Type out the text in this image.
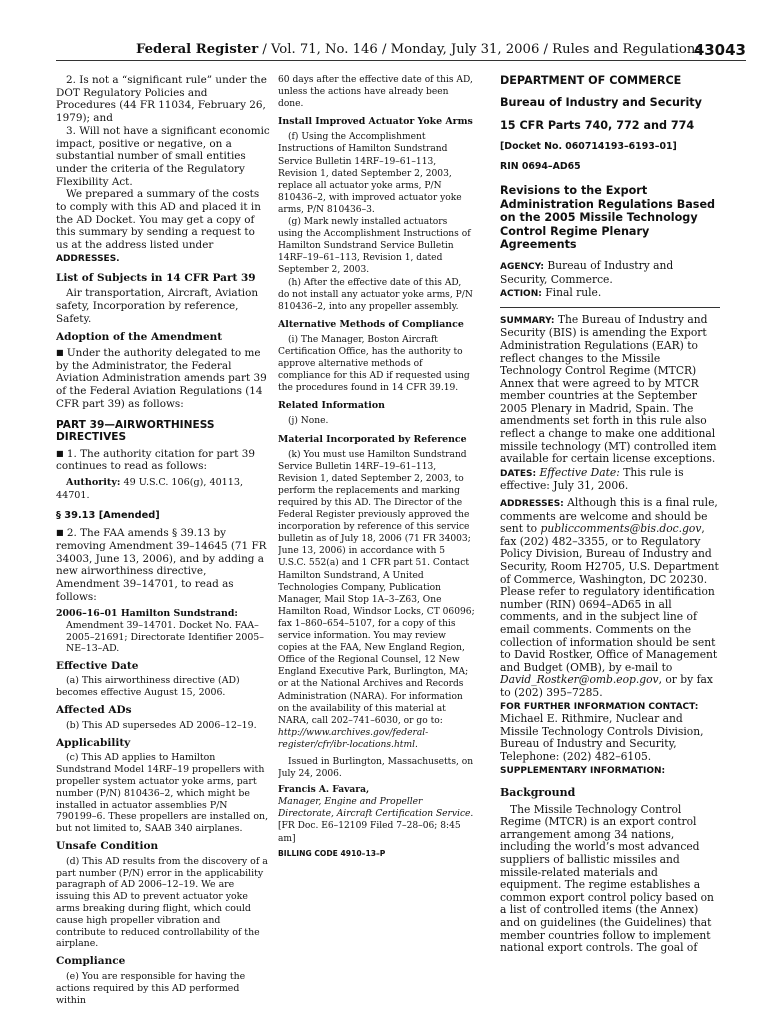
Federal Register / Vol. 71, No. 146 / Monday, July 31, 2006 / Rules and Regulations
43043

2. Is not a “significant rule” under the DOT Regulatory Policies and Procedures (44 FR 11034, February 26, 1979); and

3. Will not have a significant economic impact, positive or negative, on a substantial number of small entities under the criteria of the Regulatory Flexibility Act.

We prepared a summary of the costs to comply with this AD and placed it in the AD Docket. You may get a copy of this summary by sending a request to us at the address listed under ADDRESSES.

List of Subjects in 14 CFR Part 39

Air transportation, Aircraft, Aviation safety, Incorporation by reference, Safety.

Adoption of the Amendment

■ Under the authority delegated to me by the Administrator, the Federal Aviation Administration amends part 39 of the Federal Aviation Regulations (14 CFR part 39) as follows:

PART 39—AIRWORTHINESS DIRECTIVES

■ 1. The authority citation for part 39 continues to read as follows:

Authority: 49 U.S.C. 106(g), 40113, 44701.

§ 39.13 [Amended]

■ 2. The FAA amends § 39.13 by removing Amendment 39–14645 (71 FR 34003, June 13, 2006), and by adding a new airworthiness directive, Amendment 39–14701, to read as follows:

2006–16–01 Hamilton Sundstrand: Amendment 39–14701. Docket No. FAA–2005–21691; Directorate Identifier 2005–NE–13–AD.

Effective Date

(a) This airworthiness directive (AD) becomes effective August 15, 2006.

Affected ADs

(b) This AD supersedes AD 2006–12–19.

Applicability

(c) This AD applies to Hamilton Sundstrand Model 14RF–19 propellers with propeller system actuator yoke arms, part number (P/N) 810436–2, which might be installed in actuator assemblies P/N 790199–6. These propellers are installed on, but not limited to, SAAB 340 airplanes.

Unsafe Condition

(d) This AD results from the discovery of a part number (P/N) error in the applicability paragraph of AD 2006–12–19. We are issuing this AD to prevent actuator yoke arms breaking during flight, which could cause high propeller vibration and contribute to reduced controllability of the airplane.

Compliance

(e) You are responsible for having the actions required by this AD performed within

60 days after the effective date of this AD, unless the actions have already been done.

Install Improved Actuator Yoke Arms

(f) Using the Accomplishment Instructions of Hamilton Sundstrand Service Bulletin 14RF–19–61–113, Revision 1, dated September 2, 2003, replace all actuator yoke arms, P/N 810436–2, with improved actuator yoke arms, P/N 810436–3.

(g) Mark newly installed actuators using the Accomplishment Instructions of Hamilton Sundstrand Service Bulletin 14RF–19–61–113, Revision 1, dated September 2, 2003.

(h) After the effective date of this AD, do not install any actuator yoke arms, P/N 810436–2, into any propeller assembly.

Alternative Methods of Compliance

(i) The Manager, Boston Aircraft Certification Office, has the authority to approve alternative methods of compliance for this AD if requested using the procedures found in 14 CFR 39.19.

Related Information

(j) None.

Material Incorporated by Reference

(k) You must use Hamilton Sundstrand Service Bulletin 14RF–19–61–113, Revision 1, dated September 2, 2003, to perform the replacements and marking required by this AD. The Director of the Federal Register previously approved the incorporation by reference of this service bulletin as of July 18, 2006 (71 FR 34003; June 13, 2006) in accordance with 5 U.S.C. 552(a) and 1 CFR part 51. Contact Hamilton Sundstrand, A United Technologies Company, Publication Manager, Mail Stop 1A–3–Z63, One Hamilton Road, Windsor Locks, CT 06096; fax 1–860–654–5107, for a copy of this service information. You may review copies at the FAA, New England Region, Office of the Regional Counsel, 12 New England Executive Park, Burlington, MA; or at the National Archives and Records Administration (NARA). For information on the availability of this material at NARA, call 202–741–6030, or go to: http://www.archives.gov/federal-register/cfr/ibr-locations.html.

Issued in Burlington, Massachusetts, on July 24, 2006.

Francis A. Favara,

Manager, Engine and Propeller Directorate, Aircraft Certification Service.

[FR Doc. E6–12109 Filed 7–28–06; 8:45 am]

BILLING CODE 4910–13–P

DEPARTMENT OF COMMERCE

Bureau of Industry and Security

15 CFR Parts 740, 772 and 774

[Docket No. 060714193–6193–01]

RIN 0694–AD65

Revisions to the Export Administration Regulations Based on the 2005 Missile Technology Control Regime Plenary Agreements

AGENCY: Bureau of Industry and Security, Commerce.

ACTION: Final rule.

SUMMARY: The Bureau of Industry and Security (BIS) is amending the Export Administration Regulations (EAR) to reflect changes to the Missile Technology Control Regime (MTCR) Annex that were agreed to by MTCR member countries at the September 2005 Plenary in Madrid, Spain. The amendments set forth in this rule also reflect a change to make one additional missile technology (MT) controlled item available for certain license exceptions.

DATES: Effective Date: This rule is effective: July 31, 2006.

ADDRESSES: Although this is a final rule, comments are welcome and should be sent to publiccomments@bis.doc.gov, fax (202) 482–3355, or to Regulatory Policy Division, Bureau of Industry and Security, Room H2705, U.S. Department of Commerce, Washington, DC 20230. Please refer to regulatory identification number (RIN) 0694–AD65 in all comments, and in the subject line of email comments. Comments on the collection of information should be sent to David Rostker, Office of Management and Budget (OMB), by e-mail to David_Rostker@omb.eop.gov, or by fax to (202) 395–7285.

FOR FURTHER INFORMATION CONTACT:

Michael E. Rithmire, Nuclear and Missile Technology Controls Division, Bureau of Industry and Security, Telephone: (202) 482–6105.

SUPPLEMENTARY INFORMATION:

Background

The Missile Technology Control Regime (MTCR) is an export control arrangement among 34 nations, including the world’s most advanced suppliers of ballistic missiles and missile-related materials and equipment. The regime establishes a common export control policy based on a list of controlled items (the Annex) and on guidelines (the Guidelines) that member countries follow to implement national export controls. The goal of
